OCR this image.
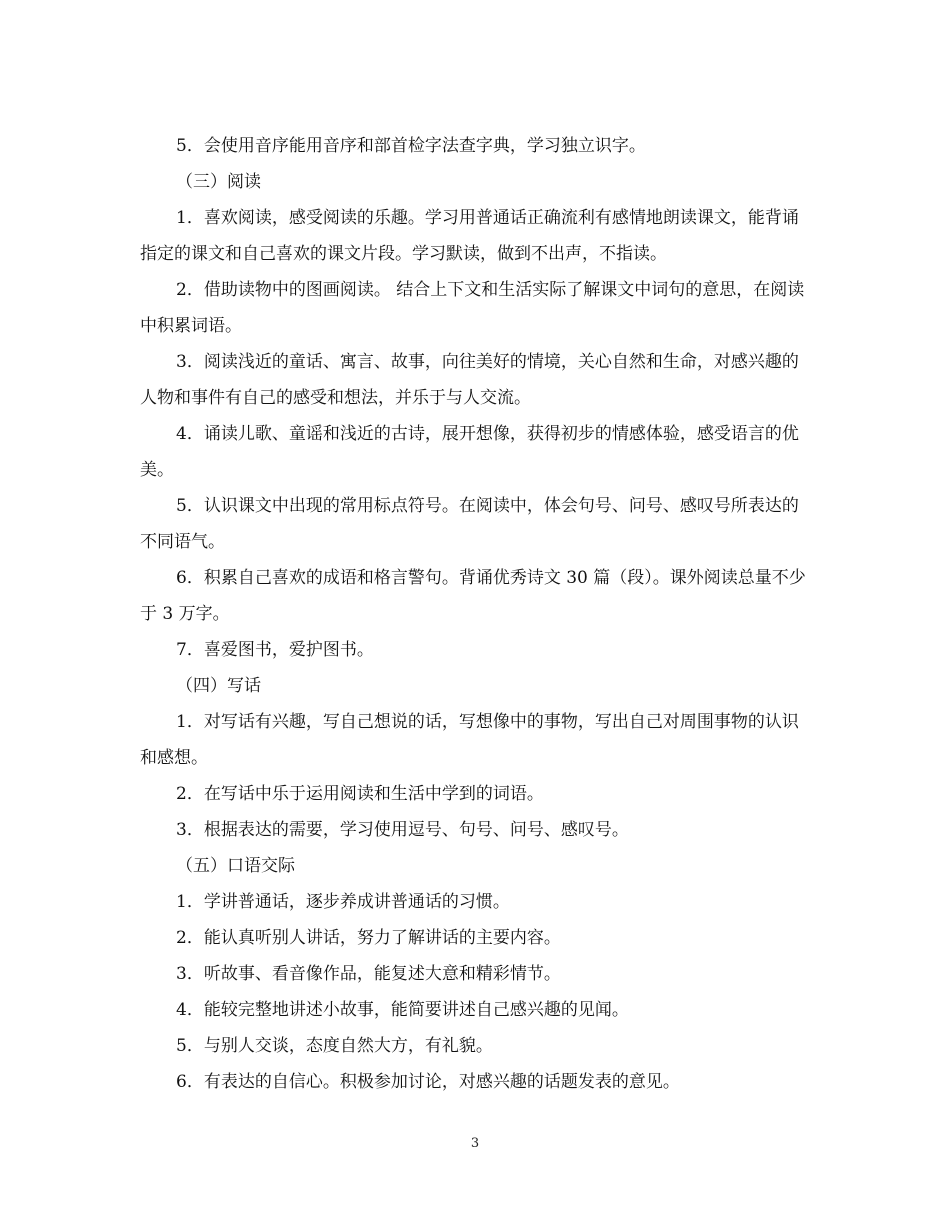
5．会使用音序能用音序和部首检字法查字典，学习独立识字。

（三）阅读

1．喜欢阅读，感受阅读的乐趣。学习用普通话正确流利有感情地朗读课文，能背诵指定的课文和自己喜欢的课文片段。学习默读，做到不出声，不指读。

2．借助读物中的图画阅读。 结合上下文和生活实际了解课文中词句的意思，在阅读中积累词语。

3．阅读浅近的童话、寓言、故事，向往美好的情境，关心自然和生命，对感兴趣的人物和事件有自己的感受和想法，并乐于与人交流。

4．诵读儿歌、童谣和浅近的古诗，展开想像，获得初步的情感体验，感受语言的优美。

5．认识课文中出现的常用标点符号。在阅读中，体会句号、问号、感叹号所表达的不同语气。

6．积累自己喜欢的成语和格言警句。背诵优秀诗文 30 篇（段）。课外阅读总量不少于 3 万字。

7．喜爱图书，爱护图书。

（四）写话

1．对写话有兴趣，写自己想说的话，写想像中的事物，写出自己对周围事物的认识和感想。

2．在写话中乐于运用阅读和生活中学到的词语。

3．根据表达的需要，学习使用逗号、句号、问号、感叹号。

（五）口语交际

1．学讲普通话，逐步养成讲普通话的习惯。

2．能认真听别人讲话，努力了解讲话的主要内容。

3．听故事、看音像作品，能复述大意和精彩情节。

4．能较完整地讲述小故事，能简要讲述自己感兴趣的见闻。

5．与别人交谈，态度自然大方，有礼貌。

6．有表达的自信心。积极参加讨论，对感兴趣的话题发表的意见。

3
